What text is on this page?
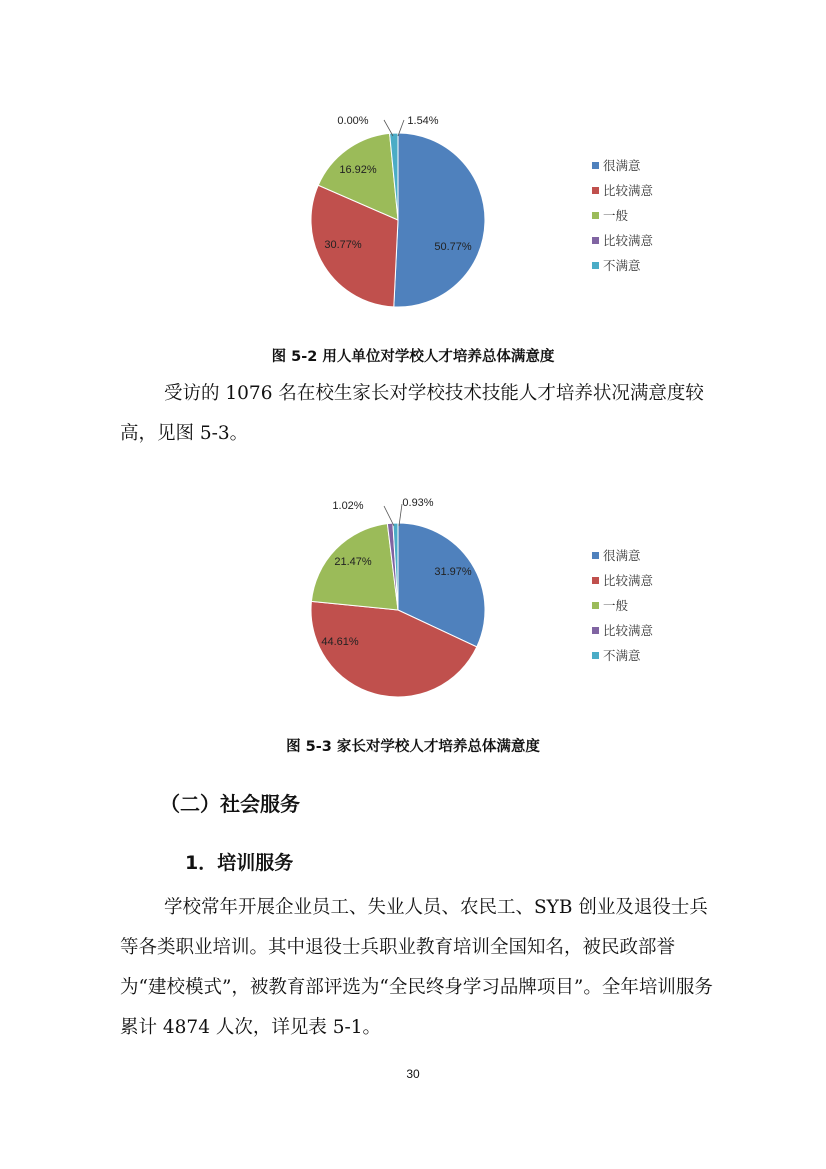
50.77%
30.77%
16.92%
0.00%	1.54%
很满意
比较满意
一般
比较满意
不满意
图 5-2 用人单位对学校人才培养总体满意度

受访的 1076 名在校生家长对学校技术技能人才培养状况满意度较高，见图 5-3。

31.97%
44.61%
21.47%
1.02%	0.93%
很满意
比较满意
一般
比较满意
不满意
图 5-3 家长对学校人才培养总体满意度
（二）社会服务
1．培训服务

学校常年开展企业员工、失业人员、农民工、SYB 创业及退役士兵等各类职业培训。其中退役士兵职业教育培训全国知名，被民政部誉为“建校模式”，被教育部评选为“全民终身学习品牌项目”。全年培训服务累计 4874 人次，详见表 5-1。

30
